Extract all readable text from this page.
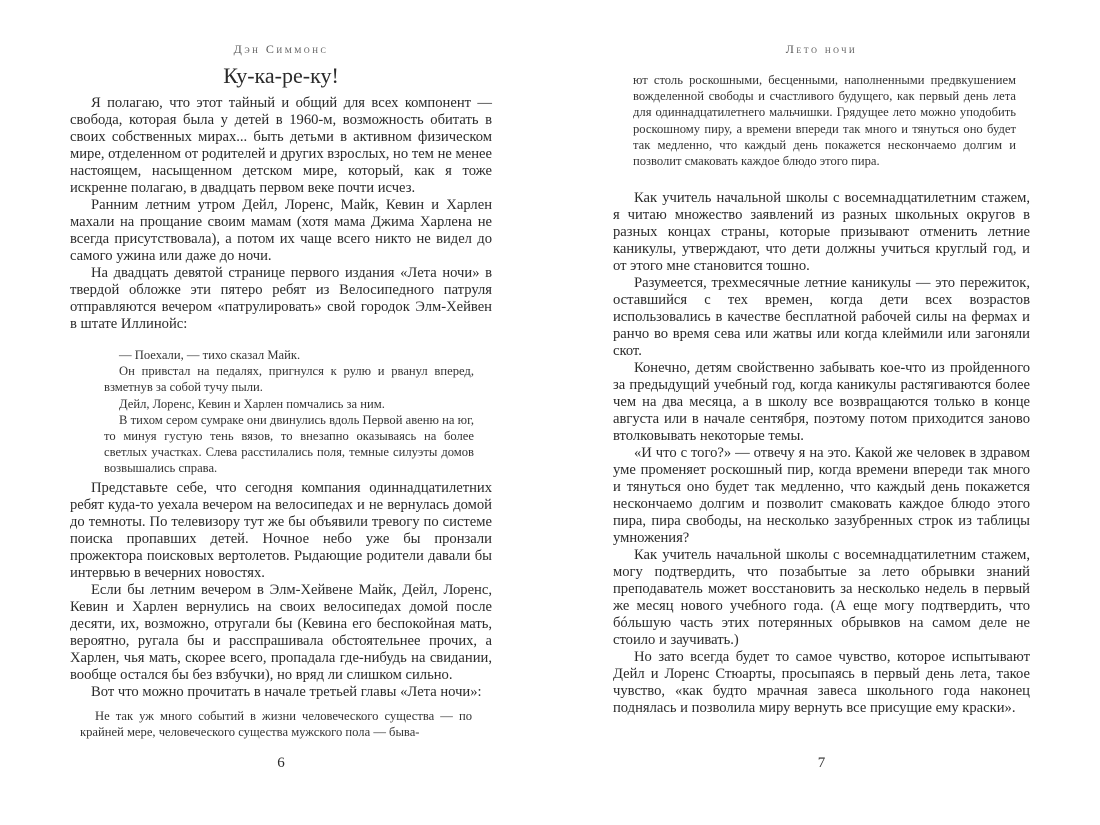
Дэн Симмонс
Ку-ка-ре-ку!

Я полагаю, что этот тайный и общий для всех компонент — свобода, которая была у детей в 1960-м, возможность обитать в своих собственных мирах... быть детьми в активном физическом мире, отделенном от родителей и других взрослых, но тем не менее настоящем, насыщенном детском мире, который, как я тоже искренне полагаю, в двадцать первом веке почти исчез.

Ранним летним утром Дейл, Лоренс, Майк, Кевин и Харлен махали на прощание своим мамам (хотя мама Джима Харлена не всегда присутствовала), а потом их чаще всего никто не видел до самого ужина или даже до ночи.

На двадцать девятой странице первого издания «Лета ночи» в твердой обложке эти пятеро ребят из Велосипедного патруля отправляются вечером «патрулировать» свой городок Элм-Хейвен в штате Иллинойс:

— Поехали, — тихо сказал Майк.

Он привстал на педалях, пригнулся к рулю и рванул вперед, взметнув за собой тучу пыли.

Дейл, Лоренс, Кевин и Харлен помчались за ним.

В тихом сером сумраке они двинулись вдоль Первой авеню на юг, то минуя густую тень вязов, то внезапно оказываясь на более светлых участках. Слева расстилались поля, темные силуэты домов возвышались справа.

Представьте себе, что сегодня компания одиннадцатилетних ребят куда-то уехала вечером на велосипедах и не вернулась домой до темноты. По телевизору тут же бы объявили тревогу по системе поиска пропавших детей. Ночное небо уже бы пронзали прожектора поисковых вертолетов. Рыдающие родители давали бы интервью в вечерних новостях.

Если бы летним вечером в Элм-Хейвене Майк, Дейл, Лоренс, Кевин и Харлен вернулись на своих велосипедах домой после десяти, их, возможно, отругали бы (Кевина его беспокойная мать, вероятно, ругала бы и расспрашивала обстоятельнее прочих, а Харлен, чья мать, скорее всего, пропадала где-нибудь на свидании, вообще остался бы без взбучки), но вряд ли слишком сильно.

Вот что можно прочитать в начале третьей главы «Лета ночи»:

Не так уж много событий в жизни человеческого существа — по крайней мере, человеческого существа мужского пола — быва-

6
Лето ночи

ют столь роскошными, бесценными, наполненными предвкушением вожделенной свободы и счастливого будущего, как первый день лета для одиннадцатилетнего мальчишки. Грядущее лето можно уподобить роскошному пиру, а времени впереди так много и тянуться оно будет так медленно, что каждый день покажется нескончаемо долгим и позволит смаковать каждое блюдо этого пира.

Как учитель начальной школы с восемнадцатилетним стажем, я читаю множество заявлений из разных школьных округов в разных концах страны, которые призывают отменить летние каникулы, утверждают, что дети должны учиться круглый год, и от этого мне становится тошно.

Разумеется, трехмесячные летние каникулы — это пережиток, оставшийся с тех времен, когда дети всех возрастов использовались в качестве бесплатной рабочей силы на фермах и ранчо во время сева или жатвы или когда клеймили или загоняли скот.

Конечно, детям свойственно забывать кое-что из пройденного за предыдущий учебный год, когда каникулы растягиваются более чем на два месяца, а в школу все возвращаются только в конце августа или в начале сентября, поэтому потом приходится заново втолковывать некоторые темы.

«И что с того?» — отвечу я на это. Какой же человек в здравом уме променяет роскошный пир, когда времени впереди так много и тянуться оно будет так медленно, что каждый день покажется нескончаемо долгим и позволит смаковать каждое блюдо этого пира, пира свободы, на несколько зазубренных строк из таблицы умножения?

Как учитель начальной школы с восемнадцатилетним стажем, могу подтвердить, что позабытые за лето обрывки знаний преподаватель может восстановить за несколько недель в первый же месяц нового учебного года. (А еще могу подтвердить, что бóльшую часть этих потерянных обрывков на самом деле не стоило и заучивать.)

Но зато всегда будет то самое чувство, которое испытывают Дейл и Лоренс Стюарты, просыпаясь в первый день лета, такое чувство, «как будто мрачная завеса школьного года наконец поднялась и позволила миру вернуть все присущие ему краски».

7
